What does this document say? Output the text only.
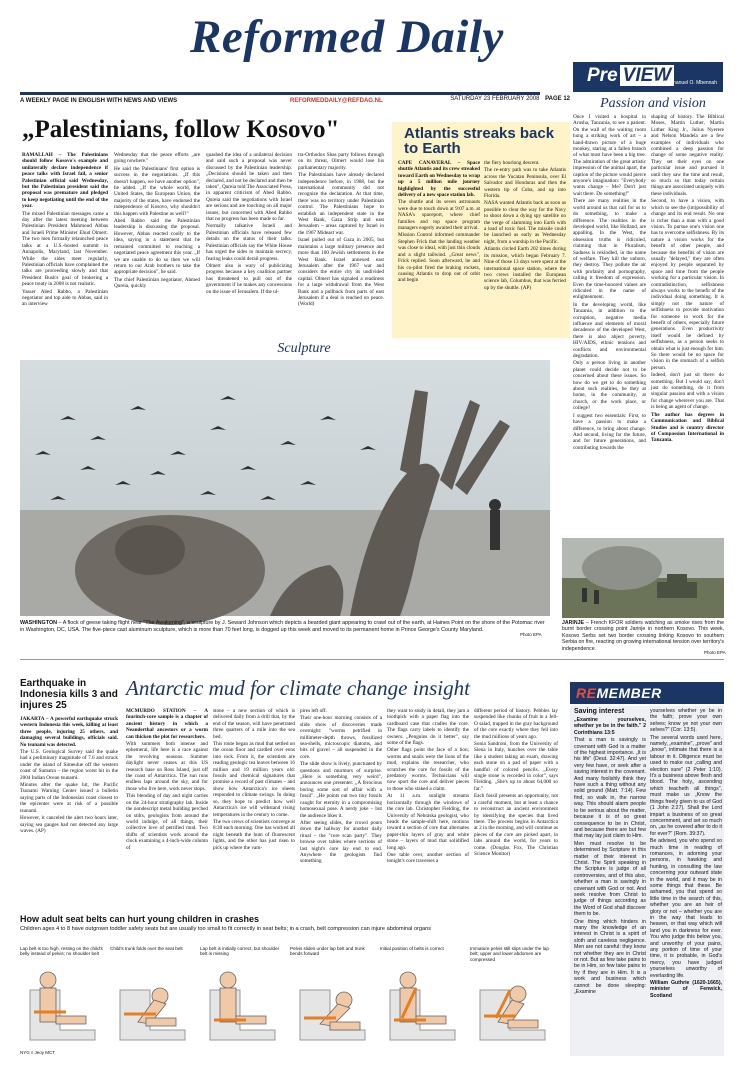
Reformed Daily
A WEEKLY PAGE IN ENGLISH WITH NEWS AND VIEWS	REFORMEDDAILY@REFDAG.NL	SATURDAY 23 FEBRUARY 2008 PAGE 12
Pre VIEW
Dr. Emmanuel O. Mbennah
Passion and vision

Once I visited a hospital in Arusha, Tanzania, to see a patient. On the wall of the waiting room hung a striking work of art – a hand-drawn picture of a huge monkey, staring at a fallen branch of what must have been a big tree. The admiration of the great artistic impression of the animal apart, the caption of the picture would pierce anyone's imagination: "Everybody wants change – Me? Don't just wait there. Do something!"

There are many realities in the world around us that call for us to do something, to make a difference. The realities in the developed world, like Holland, are appalling. In the West, the obsession truths is ridiculed, claiming that in Pluralism, Sadness is rekindled, in the name of welfare. They kill the unborn, they destroy. They pollute the air with profanity and pornography, calling it freedom of expression. Even the time-honored values are ridiculed in the name of enlightenment.

In the developing world, like Tanzania, in addition to the corruption, negative media influence and elements of moral decadence of the developed West, there is also abject poverty, HIV/AIDS, ethnic tensions and conflicts and environmental degradation.

Only a person living in another planet could decide not to be concerned about these issues. So how do we get to do something about such realities, be they at home, in the community, at church, or the work place, or college?

I suggest two essentials: First, to have a passion to make a difference, to bring about change. And second, living for the future, and for future generations, and contributing towards the

shaping of history. The Biblical Moses, Martin Luther, Martin Luther King Jr., Julius Nyerere and Nelson Mandela are a few examples of individuals who combined a deep passion for change of some negative reality. They set their eyes on one particular issue and pursued it until they saw the time and result, so much so that today certain things are associated uniquely with these individuals.

Second, to have a vision, with which to see the (im)possibility of change and its end result. No one is richer than a man with a good vision. To pursue one's vision one has to overcome selfishness. By its nature a vision works for the benefit of other people, and because the benefits of vision are usually "delayed," they are often enjoyed by people separated by space and time from the people working for a particular vision. In contradistinction, selfishness always works to the benefit of the individual doing something. It is simply not the nature of selfishness to provide motivation for someone to work for the benefit of others, especially future generations. Even productivity itself would be defined by selfishness, as a person seeks to obtain what is just enough for him. So there would be no space for vision in the stomach of a selfish person.

Indeed, don't just sit there: do something. But I would say, don't just do something, do it from singular passion and with a vision for change wherever you are. That is being an agent of change.

The author has degrees in Communication and Biblical Studies and is country director of Compassion International in Tanzania.

„Palestinians, follow Kosovo"

RAMALLAH – The Palestinians should follow Kosovo's example and unilaterally declare independence if peace talks with Israel fail, a senior Palestinian official said Wednesday, but the Palestinian president said the proposal was premature and pledged to keep negotiating until the end of the year.

The mixed Palestinian messages came a day after the latest meeting between Palestinian President Mahmoud Abbas and Israeli Prime Minister Ehud Olmert. The two men formally relaunched peace talks at a U.S.-hosted summit in Annapolis, Maryland, last November. While the sides meet regularly, Palestinian officials have complained the talks are proceeding slowly and that President Bush's goal of brokering a peace treaty in 2008 is not realistic.

Yasser Abed Rabbo, a Palestinian negotiator and top aide to Abbas, said in an interview

Wednesday that the peace efforts „are going nowhere."

He said the Palestinians' first option is success in the negotiations. „If this doesn't happen, we have another option", he added. „If the whole world, the United States, the European Union, the majority of the states, have endorsed the independence of Kosovo, why shouldn't this happen with Palestine as well?"

Abed Rabbo said the Palestinian leadership is discussing the proposal. However, Abbas reacted coolly to the idea, saying in a statement that he remained committed to reaching a negotiated peace agreement this year. „If we are unable to do so then we will return to our Arab brothers to take the appropriate decision", he said.

The chief Palestinian negotiator, Ahmed Qureia, quickly

quashed the idea of a unilateral decision and said such a proposal was never discussed by the Palestinian leadership. „Decisions should be taken and then declared, and not be declared and then be taken", Qureia told The Associated Press, in apparent criticism of Abed Rabbo. Qureia said the negotiations with Israel are serious and are touching on all major issues, but concerned with Abed Rabbo that no progress has been made so far.

Normally talkative Israeli and Palestinian officials have released few details on the status of their talks. Palestinian officials say the White House has urged the sides to maintain secrecy, fearing leaks could derail progress.

Olmert also is wary of publicizing progress because a key coalition partner has threatened to pull out of the government if he makes any concessions on the issue of Jerusalem. If the ul-

tra-Orthodox Shas party follows through on its threat, Olmert would lose his parliamentary majority.

The Palestinians have already declared independence before, in 1988, but the international community did not recognize the declaration. At that time, there was no territory under Palestinian control. The Palestinians hope to establish an independent state in the West Bank, Gaza Strip and east Jerusalem – areas captured by Israel in the 1967 Mideast war.

Israel pulled out of Gaza in 2005, but maintains a large military presence and more than 100 Jewish settlements in the West Bank. Israel annexed east Jerusalem after the 1967 war and considers the entire city its undivided capital. Olmert has signaled a readiness for a large withdrawal from the West Bank and a pullback from parts of east Jerusalem if a deal is reached on peace. (World)

Atlantis streaks back to Earth

CAPE CANAVERAL – Space shuttle Atlantis and its crew streaked toward Earth on Wednesday to wrap up a 5 million mile journey highlighted by the successful delivery of a new space station lab.

The shuttle and its seven astronauts were due to touch down at 9:07 a.m. at NASA's spaceport, where chief families and top space program managers eagerly awaited their arrival.

Mission Control informed commander Stephen Frick that the landing weather was close to ideal, with just thin clouds and a slight tailwind. „Great news", Frick replied. Soon afterward, he and his co-pilot fired the braking rockets, causing Atlantis to drop out of orbit and begin

the fiery hourlong descent.

The re-entry path was to take Atlantis across the Yucatan Peninsula, over El Salvador and Honduras and then the western tip of Cuba, and up into Florida.

NASA wanted Atlantis back as soon as possible to clear the way for the Navy to shoot down a dying spy satellite on the verge of slamming into Earth with a load of toxic fuel. The missile could be launched as early as Wednesday night, from a warship in the Pacific.

Atlantis circled Earth 202 times during its mission, which began February 7. Nine of those 13 days were spent at the international space station, where the two crews installed the European science lab, Columbus, that was ferried up by the shuttle. (AP)

Sculpture
WASHINGTON – A flock of geese taking flight near "The Awakening", a sculpture by J. Seward Johnson which depicts a bearded giant appearing to crawl out of the earth, at Haines Point on the shore of the Potomac river in Washington, DC, USA. The five-piece cast aluminum sculpture, which is more than 70 feet long, is dogged up this week and moved to its permanent home in Prince George's County Maryland.
Photo EPA
JARINJE – French KFOR soldiers watching as smoke rises from the burnt border crossing point Jarinje in northern Kosovo. This week, Kosovo Serbs set two border crossing linking Kosovo to southern Serbia on fire, reacting on growing international tension over territory's independence.
Photo EPA
Earthquake in Indonesia kills 3 and injures 25

JAKARTA – A powerful earthquake struck western Indonesia this week, killing at least three people, injuring 25 others, and damaging several buildings, officials said. No tsunami was detected.

The U.S. Geological Survey said the quake had a preliminary magnitude of 7.6 and struck under the island of Simeulue off the western coast of Sumatra – the region worst hit in the 2004 Indian Ocean tsunami.

Minutes after the quake hit, the Pacific Tsunami Warning Center issued a bulletin saying parts of the Indonesian coast closest to the epicenter were at risk of a possible tsunami.

However, it canceled the alert two hours later, saying sea gauges had not detected any large waves. (AP)

Antarctic mud for climate change insight

MCMURDO STATION – A fourinch-core sample is a chapter of ancient history in which a Neanderthal ancestors or a worm can thicken the plot for researchers.

With summers both intense and ephemeral, life here is a race against the revolving seasons. Summer daylight never ceases at this US research base on Ross Island, just off the coast of Antarctica. The sun runs endless laps around the sky, and for those who live here, work never stops.

This blending of day and night carries on the 24-hour stratigraphy lab. Inside the nondescript metal building perched on stilts, geologists from around the world indulge, of all things, their collective love of petrified mud. Two shifts of scientists work around the clock examining a 4-inch-wide column of

stone – a new section of which is delivered daily from a drill that, by the end of the season, will have penetrated three quarters of a mile into the sea bed.

This route began as mud that settled on the ocean floor and cardled over eons into rock. From it, the scientists are reading geologic tea leaves between 16 million and 19 million years old: fossils and chemical signatures that promise a record of past climates – and show how Antarctica's ice sheets responded to climate swings. In doing so, they hope to predict how well Antarctica's ice will withstand rising temperatures in the century to come.

The two crews of scientists converge at 8:30 each morning. One has worked all night beneath the hum of fluorescent lights, and the other has just risen to pick up where the vam-

pires left off.

Their one-hour morning consists of a slide show of discoveries made overnight: "worms petrified in millimeter-depth throws, fossilized sea-shells, microscopic diatoms, and bits of gravel – all suspended in the core.

The slide show is lively, punctuated by questions and murmurs of surprise. „Here is something very weird", announces one presenter. „A ferocious boring some sort of affair with a fossil". „He points out two tiny fossils caught for eternity in a compromising homosexual pose. A nerdy joke – but the audience likes it.

After seeing slides, the crowd pours down the hallway for another daily ritual – the "core scan party". They browse over tables where sections of last night's core lay end to end. Anywhere the geologists find something

they want to study in detail, they jam a toothpick with a paper flag into the cardboard case that cradles the core. The flags carry labels to identify the owners. „Penguins do it better", say some of the flags.

Other flags point the face of a lion; worms and snails were the lions of the mud, explains the researcher, who scratches the core for fossils of the predatory worms. Technicians will now sport the core and deliver pieces to those who staked a claim.

At 11 a.m. sunlight streams horizontally through the windows of the core lab. Christopher Fielding, the University of Nebraska geologist, who heads the sample-shift here, motions toward a section of core that alternates paper-thin layers of gray and white stone – layers of mud that solidified long ago.

One table over, another section of tonight's core traverses a

different period of history. Pebbles lay suspended like chunks of fruit in a Jell-O salad, trapped in the gray background of the core exactly where they fell into the mud millions of years ago.

Sonia Sandroni, from the University of Siena in Italy, hunches over the table like a student taking an exam, drawing each stone on a pad of paper with a handful of colored pencils. „Every single stone is recorded in color", says Fielding. „She's up to about 64,000 so far."

Each fossil presents an opportunity, not a careful moment, but at least a chance to reconstruct an ancient environment by identifying the species that lived there. The process begins in Antarctica at 2 in the morning, and will continue as pieces of the core are picked apart, in labs around the world, for years to come. (Douglas Fox, The Christian Science Monitor)

REMEMBER

Saving interest

„Examine yourselves, whether ye be in the faith." 2 Corinthians 13:5

That a man is savingly is covenant with God is a matter of the highest importance. „It is his life" (Deut. 32:47). And yet very few have, or seek after a saving interest in the covenant. And many foolishly think they have such a thing without any solid ground (Matt. 7:14). Few find, so walk in, the narrow way. This should alarm people to be serious about the matter, because it is of so great consequence to be in Christ, and because there are but few that may lay just claim to Him.

Men must resolve to be determined by Scripture in this matter of their interest in Christ. The Spirit speaking in the Scripture is judge of all controversies, and of this also, whether a man is savingly in covenant with God or not. And seek resolve from Christ to judge of things according as the Word of God shall discover them to be.

One thing which hinders in many the knowledge of an interest in Christ is a spirit of sloth and careless negligence. Men are not careful: they know not whether they are in Christ or not. But as few take pains to be in Him, so few take pains to try if they are in Him. It is a work and business which cannot be done sleeping: „Examine

yourselves whether ye be in the faith; prove your own selves; know ye not your own selves?" (Cor. 13:5).

The several words used here, namely, „examine", „prove" and „know", intimate that there is a labour in it. Diligence must be used to make our „calling and election sure" (2 Peter 1:10). It's a business above flesh and blood. The holy„ ascending which teacheth all things", must make us „Know the things freely given to us of God (1 John 2:27). Shall the Lord impart a business of so great concernment, and set so much on, „as he covered after to do it for ever?" (Rom. 39:37).

Be advised, you who spend so much time in reading of romances, in adorning your persons, in hawking and hunting, in consulting the law concerning your outward state in the world, and it may be in some things that these. Be ashamed, you that spend so little time in the search of this, whether you are an heir of glory or not – whether you are in the way that leads to heaven, or that way which will land you in darkness for ever. You who judge this below you, and unworthy of your pains, any portion of time of your time, it is probable, in God's mercy, you have judged yourselves unworthy of everlasting life.

William Guthrie (1620-1665), minister of Fenwick, Scotland

How adult seat belts can hurt young children in crashes
Children ages 4 to 8 have outgrown toddler safety seats but are usually too small to fit correctly in seat belts; in a crash, belt compression can injure abdominal organs
Lap belt is too high, resting on the child's belly instead of pelvis; no shoulder belt
Child's trunk folds over the seat belt	Lap belt is initially correct, but shoulder belt is missing
Pelvis slides under lap belt and trunk bends forward
Initial position of belts is correct	Immature pelvis still slips under the lap belt; upper and lower abdomen are compressed
NYG ◊ Jeoy MCT
